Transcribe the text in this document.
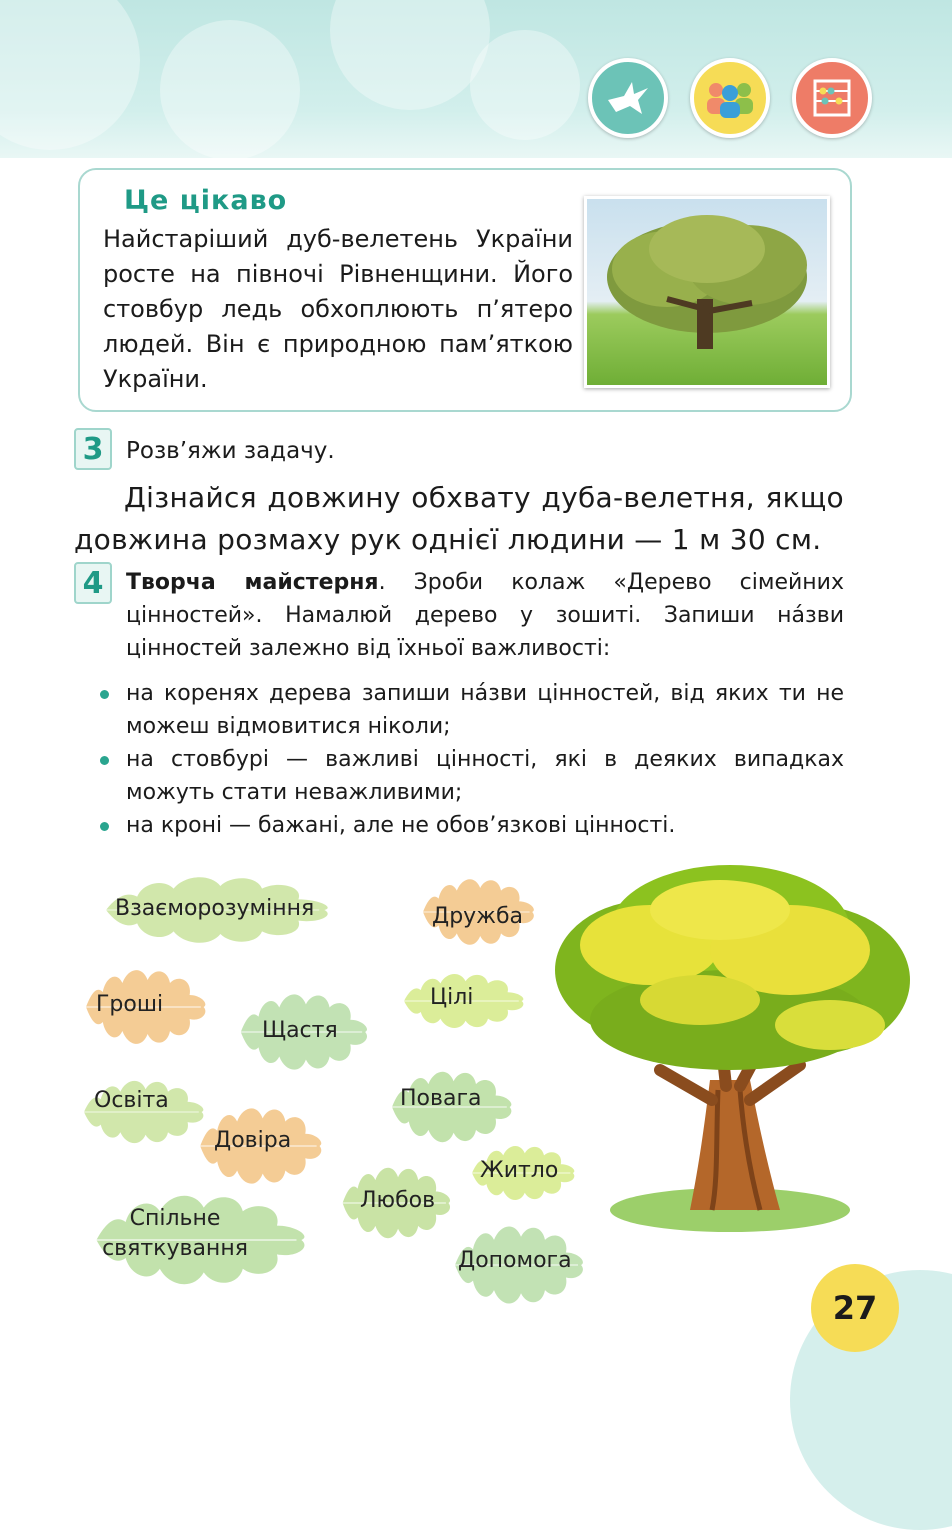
Це цікаво
Найстаріший дуб-велетень України росте на півночі Рівненщини. Його стовбур ледь обхоплюють п’ятеро людей. Він є природною пам’яткою України.
3 Розв’яжи задачу.
Дізнайся довжину обхвату дуба-велетня, якщо довжина розмаху рук однієї людини — 1 м 30 см.
4	Творча майстерня. Зроби колаж «Дерево сімейних цінностей». Намалюй дерево у зошиті. Запиши на́зви цінностей залежно від їхньої важливості:
на коренях дерева запиши на́зви цінностей, від яких ти не можеш відмовитися ніколи;
на стовбурі — важливі цінності, які в деяких випадках можуть стати неважливими;
на кроні — бажані, але не обов’язкові цінності.
Взаєморозуміння	Дружба
Гроші	Цілі
Щастя
Освіта	Повага
Довіра
Житло
Любов
Спільне святкування	Допомога
27
